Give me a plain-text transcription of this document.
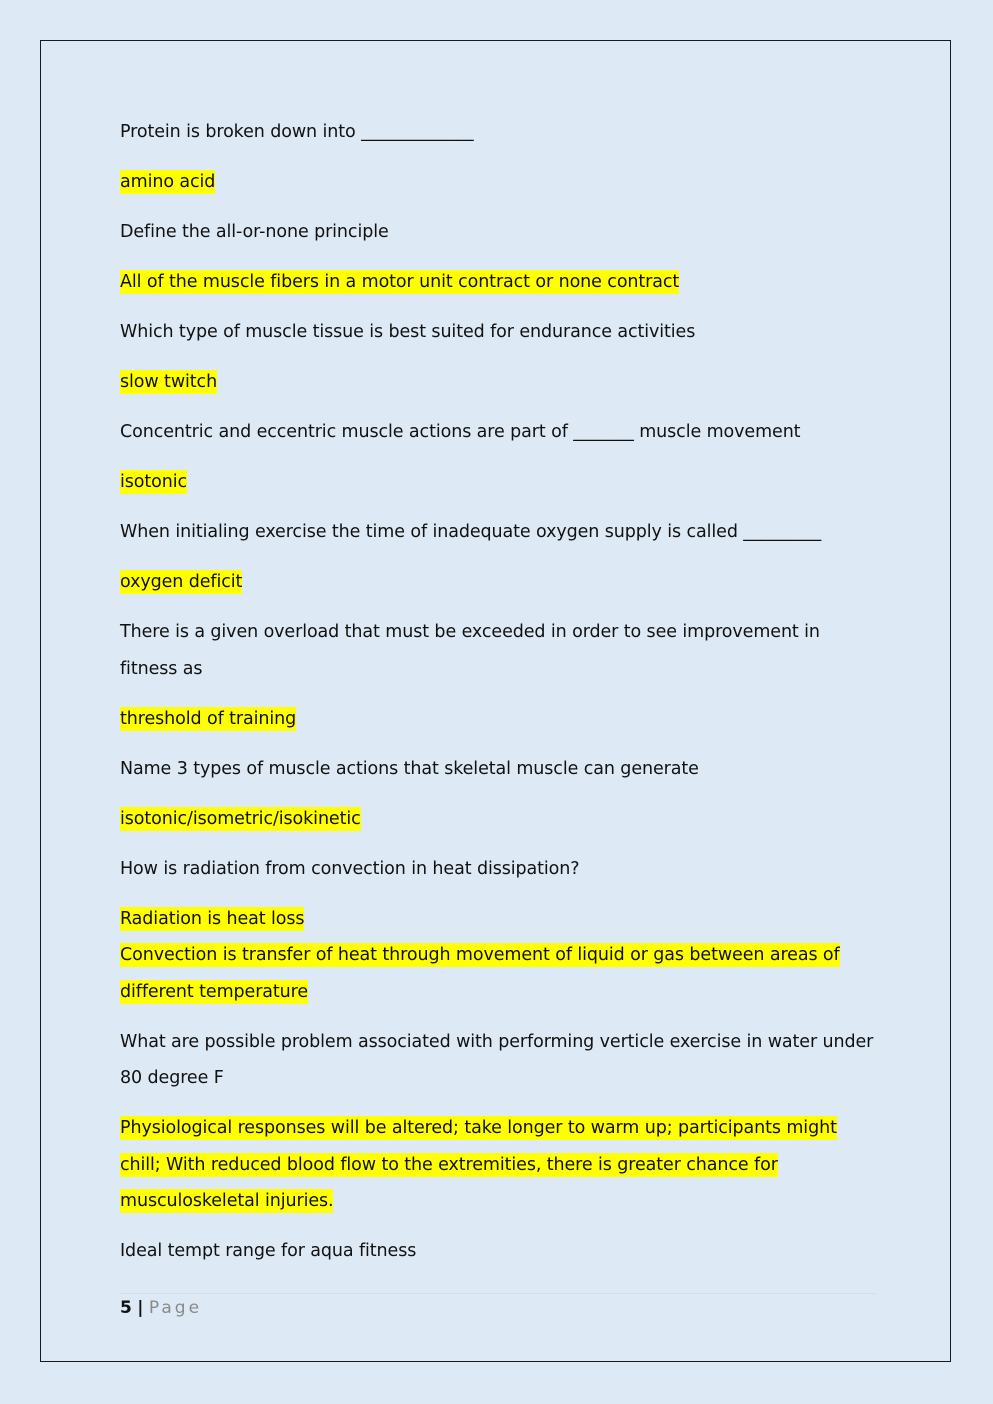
Protein is broken down into _____________

amino acid

Define the all-or-none principle

All of the muscle fibers in a motor unit contract or none contract

Which type of muscle tissue is best suited for endurance activities

slow twitch

Concentric and eccentric muscle actions are part of _______ muscle movement

isotonic

When initialing exercise the time of inadequate oxygen supply is called _________

oxygen deficit

There is a given overload that must be exceeded in order to see improvement in fitness as

threshold of training

Name 3 types of muscle actions that skeletal muscle can generate

isotonic/isometric/isokinetic

How is radiation from convection in heat dissipation?

Radiation is heat loss

Convection is transfer of heat through movement of liquid or gas between areas of different temperature

What are possible problem associated with performing verticle exercise in water under 80 degree F

Physiological responses will be altered; take longer to warm up; participants might chill; With reduced blood flow to the extremities, there is greater chance for musculoskeletal injuries.

Ideal tempt range for aqua fitness

5 | Page
